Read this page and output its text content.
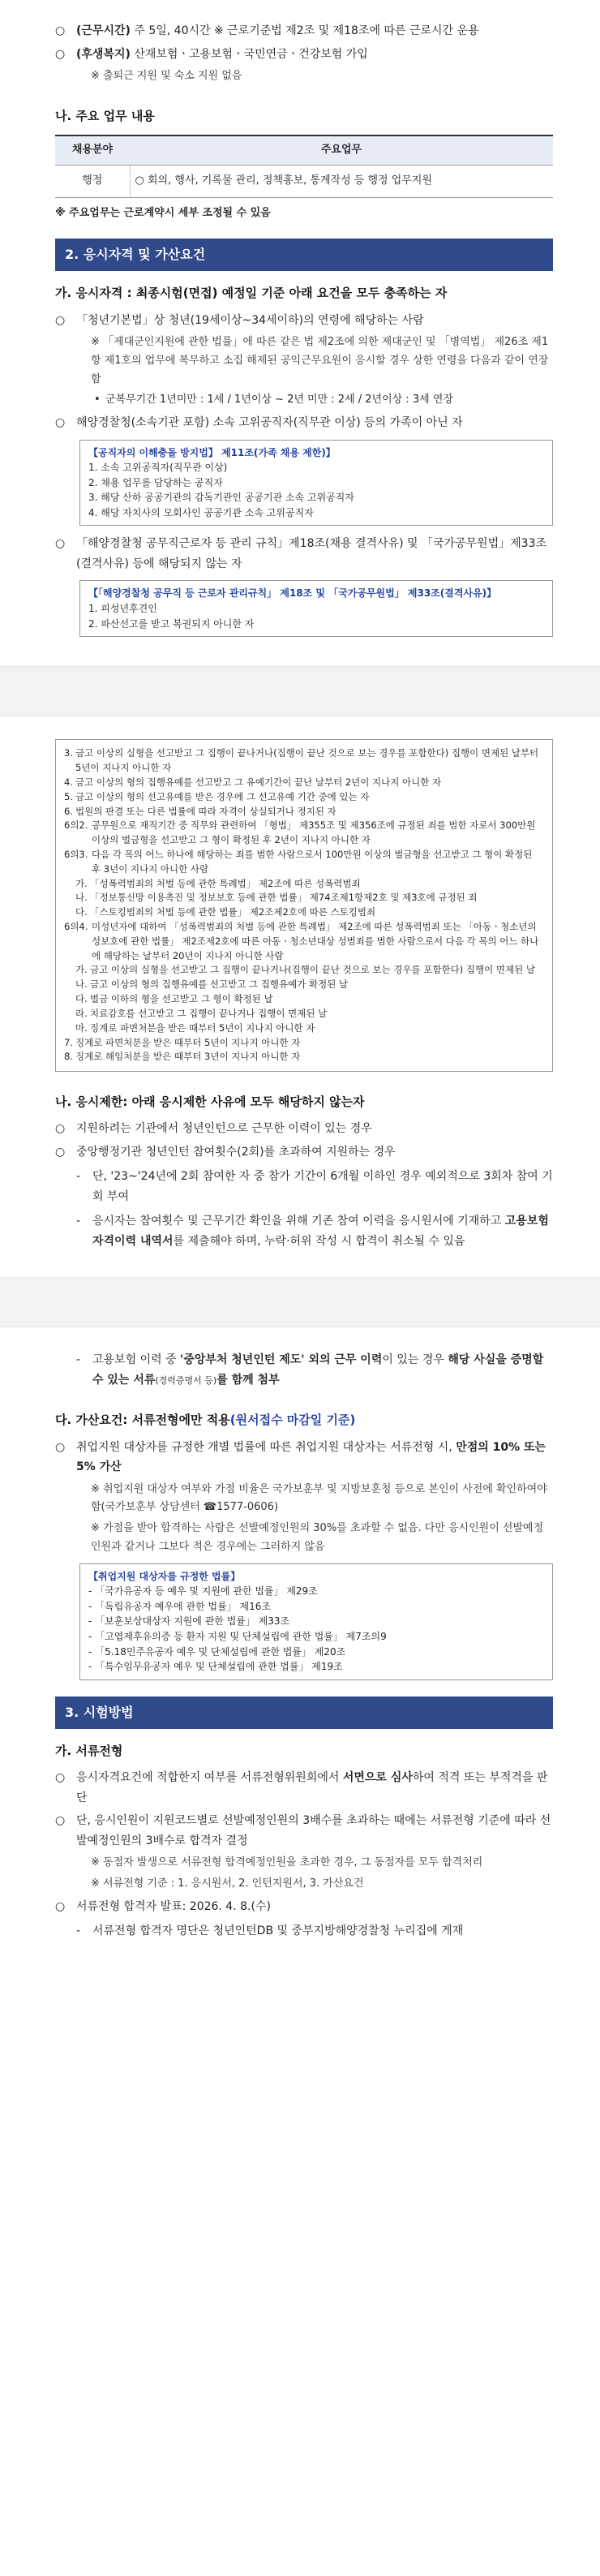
○ (근무시간) 주 5일, 40시간 ※ 근로기준법 제2조 및 제18조에 따른 근로시간 운용
○ (후생복지) 산재보험ㆍ고용보험ㆍ국민연금ㆍ건강보험 가입
※ 출퇴근 지원 및 숙소 지원 없음
나. 주요 업무 내용
채용분야	주요업무
행정	○ 회의, 행사, 기록물 관리, 정책홍보, 통계작성 등 행정 업무지원
※ 주요업무는 근로계약시 세부 조정될 수 있음
2. 응시자격 및 가산요건
가. 응시자격 : 최종시험(면접) 예정일 기준 아래 요건을 모두 충족하는 자
○ 「청년기본법」상 청년(19세이상~34세이하)의 연령에 해당하는 사람
※ 「제대군인지원에 관한 법률」에 따른 같은 법 제2조에 의한 제대군인 및 「병역법」 제26조 제1항 제1호의 업무에 복무하고 소집 해제된 공익근무요원이 응시할 경우 상한 연령을 다음과 같이 연장함
• 군복무기간 1년미만 : 1세 / 1년이상 ~ 2년 미만 : 2세 / 2년이상 : 3세 연장
○ 해양경찰청(소속기관 포함) 소속 고위공직자(직무관 이상) 등의 가족이 아닌 자
【공직자의 이해충돌 방지법】 제11조(가족 채용 제한)】
1. 소속 고위공직자(직무관 이상)
2. 채용 업무를 담당하는 공직자
3. 해당 산하 공공기관의 감독기관인 공공기관 소속 고위공직자
4. 해당 자치사의 모회사인 공공기관 소속 고위공직자
○ 「해양경찰청 공무직근로자 등 관리 규칙」제18조(채용 결격사유) 및 「국가공무원법」제33조(결격사유) 등에 해당되지 않는 자
【「해양경찰청 공무직 등 근로자 관리규칙」 제18조 및 「국가공무원법」 제33조(결격사유)】
1. 피성년후견인
2. 파산선고를 받고 복권되지 아니한 자
3. 금고 이상의 실형을 선고받고 그 집행이 끝나거나(집행이 끝난 것으로 보는 경우를 포함한다) 집행이 면제된 날부터 5년이 지나지 아니한 자
4. 금고 이상의 형의 집행유예를 선고받고 그 유예기간이 끝난 날부터 2년이 지나지 아니한 자
5. 금고 이상의 형의 선고유예를 받은 경우에 그 선고유예 기간 중에 있는 자
6. 법원의 판결 또는 다른 법률에 따라 자격이 상실되거나 정지된 자
6의2. 공무원으로 재직기간 중 직무와 관련하여 「형법」 제355조 및 제356조에 규정된 죄를 범한 자로서 300만원 이상의 벌금형을 선고받고 그 형이 확정된 후 2년이 지나지 아니한 자
6의3. 다음 각 목의 어느 하나에 해당하는 죄를 범한 사람으로서 100만원 이상의 벌금형을 선고받고 그 형이 확정된 후 3년이 지나지 아니한 사람
가. 「성폭력범죄의 처벌 등에 관한 특례법」 제2조에 따른 성폭력범죄
나. 「정보통신망 이용촉진 및 정보보호 등에 관한 법률」 제74조제1항제2호 및 제3호에 규정된 죄
다. 「스토킹범죄의 처벌 등에 관한 법률」 제2조제2호에 따른 스토킹범죄
6의4. 미성년자에 대하여 「성폭력범죄의 처벌 등에 관한 특례법」 제2조에 따른 성폭력범죄 또는 「아동ㆍ청소년의 성보호에 관한 법률」 제2조제2호에 따른 아동ㆍ청소년대상 성범죄를 범한 사람으로서 다음 각 목의 어느 하나에 해당하는 날부터 20년이 지나지 아니한 사람
가. 금고 이상의 실형을 선고받고 그 집행이 끝나거나(집행이 끝난 것으로 보는 경우를 포함한다) 집행이 면제된 날
나. 금고 이상의 형의 집행유예를 선고받고 그 집행유예가 확정된 날
다. 벌금 이하의 형을 선고받고 그 형이 확정된 날
라. 치료감호를 선고받고 그 집행이 끝나거나 집행이 면제된 날
마. 징계로 파면처분을 받은 때부터 5년이 지나지 아니한 자
7. 징계로 파면처분을 받은 때부터 5년이 지나지 아니한 자
8. 징계로 해임처분을 받은 때부터 3년이 지나지 아니한 자
나. 응시제한: 아래 응시제한 사유에 모두 해당하지 않는자
○ 지원하려는 기관에서 청년인턴으로 근무한 이력이 있는 경우
○ 중앙행정기관 청년인턴 참여횟수(2회)를 초과하여 지원하는 경우
- 단, '23~'24년에 2회 참여한 자 중 참가 기간이 6개월 이하인 경우 예외적으로 3회차 참여 기회 부여
- 응시자는 참여횟수 및 근무기간 확인을 위해 기존 참여 이력을 응시원서에 기재하고 고용보험 자격이력 내역서를 제출해야 하며, 누락·허위 작성 시 합격이 취소될 수 있음
- 고용보험 이력 중 '중앙부처 청년인턴 제도' 외의 근무 이력이 있는 경우 해당 사실을 증명할 수 있는 서류(경력증명서 등)를 함께 첨부
다. 가산요건: 서류전형에만 적용(원서접수 마감일 기준)
○ 취업지원 대상자를 규정한 개별 법률에 따른 취업지원 대상자는 서류전형 시, 만점의 10% 또는 5% 가산
※ 취업지원 대상자 여부와 가점 비율은 국가보훈부 및 지방보훈청 등으로 본인이 사전에 확인하여야 함(국가보훈부 상담센터 ☎1577-0606)
※ 가점을 받아 합격하는 사람은 선발예정인원의 30%를 초과할 수 없음. 다만 응시인원이 선발예정인원과 같거나 그보다 적은 경우에는 그러하지 않음
【취업지원 대상자를 규정한 법률】
- 「국가유공자 등 예우 및 지원에 관한 법률」 제29조
- 「독립유공자 예우에 관한 법률」 제16조
- 「보훈보상대상자 지원에 관한 법률」 제33조
- 「고엽제후유의증 등 환자 지원 및 단체설립에 관한 법률」 제7조의9
- 「5.18민주유공자 예우 및 단체설립에 관한 법률」 제20조
- 「특수임무유공자 예우 및 단체설립에 관한 법률」 제19조
3. 시험방법
가. 서류전형
○ 응시자격요건에 적합한지 여부를 서류전형위원회에서 서면으로 심사하여 적격 또는 부적격을 판단
○ 단, 응시인원이 지원코드별로 선발예정인원의 3배수를 초과하는 때에는 서류전형 기준에 따라 선발예정인원의 3배수로 합격자 결정
※ 동점자 발생으로 서류전형 합격예정인원을 초과한 경우, 그 동점자를 모두 합격처리
※ 서류전형 기준 : 1. 응시원서, 2. 인턴지원서, 3. 가산요건
○ 서류전형 합격자 발표: 2026. 4. 8.(수)
- 서류전형 합격자 명단은 청년인턴DB 및 중부지방해양경찰청 누리집에 게재
